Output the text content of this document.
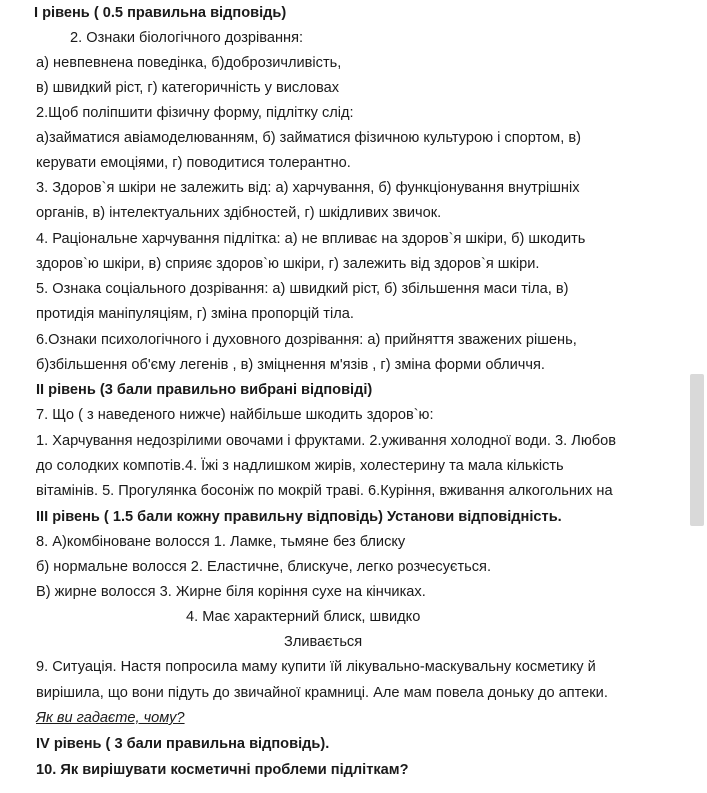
I рівень ( 0.5 правильна відповідь)
2. Ознаки біологічного дозрівання:
а) невпевнена поведінка, б)доброзичливість,
в) швидкий ріст, г) категоричність у висловах
2.Щоб поліпшити фізичну форму, підлітку слід:
а)займатися авіамоделюванням, б) займатися фізичною культурою і спортом, в)
керувати емоціями, г) поводитися толерантно.
3. Здоров`я шкіри не залежить від: а) харчування, б) функціонування внутрішніх
органів, в) інтелектуальних здібностей, г) шкідливих звичок.
4. Раціональне харчування підлітка: а) не впливає на здоров`я шкіри, б) шкодить
здоров`ю шкіри, в) сприяє здоров`ю шкіри, г) залежить від здоров`я шкіри.
5. Ознака соціального дозрівання: а) швидкий ріст, б) збільшення маси тіла, в)
протидія маніпуляціям, г) зміна пропорцій тіла.
6.Ознаки психологічного і духовного дозрівання: а) прийняття зважених рішень,
б)збільшення об'єму легенів , в) зміцнення м'язів , г) зміна форми обличчя.
II рівень (3 бали правильно вибрані відповіді)
7. Що ( з наведеного нижче) найбільше шкодить здоров`ю:
1. Харчування недозрілими овочами і фруктами. 2.уживання холодної води. 3. Любов
до солодких компотів.4. Їжі з надлишком жирів, холестерину та мала кількість
вітамінів. 5. Прогулянка босоніж по мокрій траві. 6.Куріння, вживання алкогольних на
III рівень ( 1.5 бали кожну правильну відповідь) Установи відповідність.
8. А)комбіноване волосся 1. Ламке, тьмяне без блиску
б) нормальне волосся 2. Еластичне, блискуче, легко розчесується.
В) жирне волосся 3. Жирне біля коріння сухе на кінчиках.
4. Має характерний блиск, швидко
Зливається
9. Ситуація. Настя попросила маму купити їй лікувально-маскувальну косметику й
вирішила, що вони підуть до звичайної крамниці. Але мам повела доньку до аптеки.
Як ви гадаєте, чому?
IV рівень ( 3 бали правильна відповідь).
10. Як вирішувати косметичні проблеми підліткам?
